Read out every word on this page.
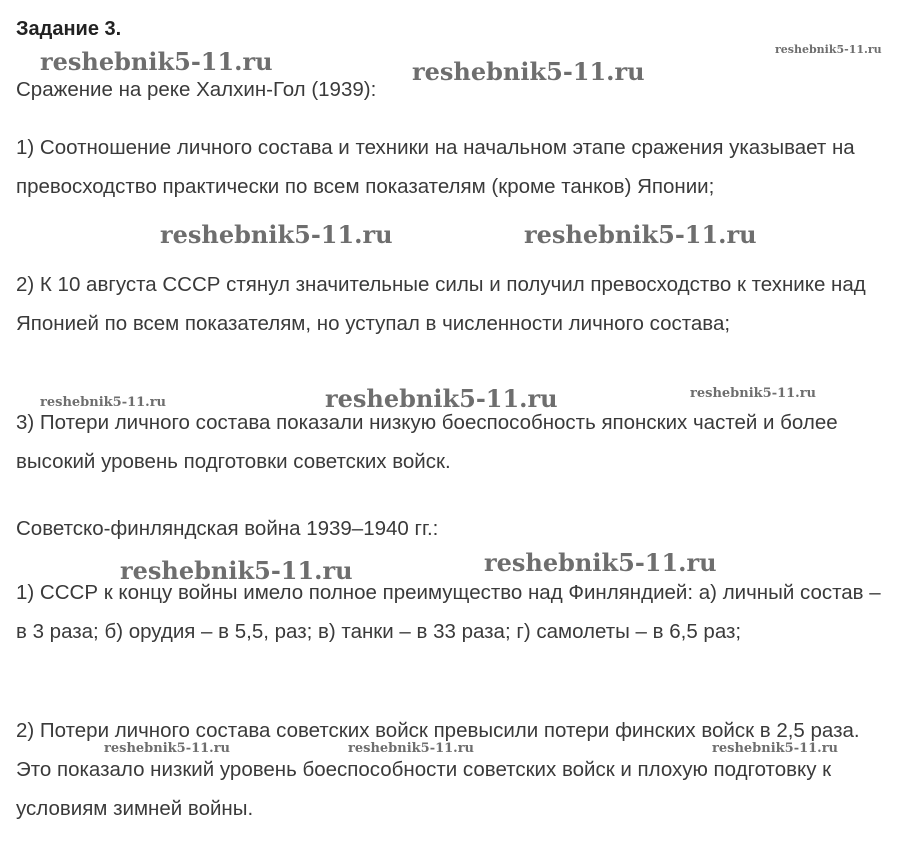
Задание 3.
Сражение на реке Халхин-Гол (1939):
1) Соотношение личного состава и техники на начальном этапе сражения указывает на превосходство практически по всем показателям (кроме танков) Японии;
2) К 10 августа СССР стянул значительные силы и получил превосходство к технике над Японией по всем показателям, но уступал в численности личного состава;
3) Потери личного состава показали низкую боеспособность японских частей и более высокий уровень подготовки советских войск.
Советско-финляндская война 1939–1940 гг.:
1) СССР к концу войны имело полное преимущество над Финляндией: а) личный состав – в 3 раза; б) орудия – в 5,5, раз; в) танки – в 33 раза; г) самолеты – в 6,5 раз;
2) Потери личного состава советских войск превысили потери финских войск в 2,5 раза. Это показало низкий уровень боеспособности советских войск и плохую подготовку к условиям зимней войны.
reshebnik5-11.ru	reshebnik5-11.ru
reshebnik5-11.ru
reshebnik5-11.ru	reshebnik5-11.ru
reshebnik5-11.ru	reshebnik5-11.ru	reshebnik5-11.ru
reshebnik5-11.ru
reshebnik5-11.ru
reshebnik5-11.ru	reshebnik5-11.ru	reshebnik5-11.ru
